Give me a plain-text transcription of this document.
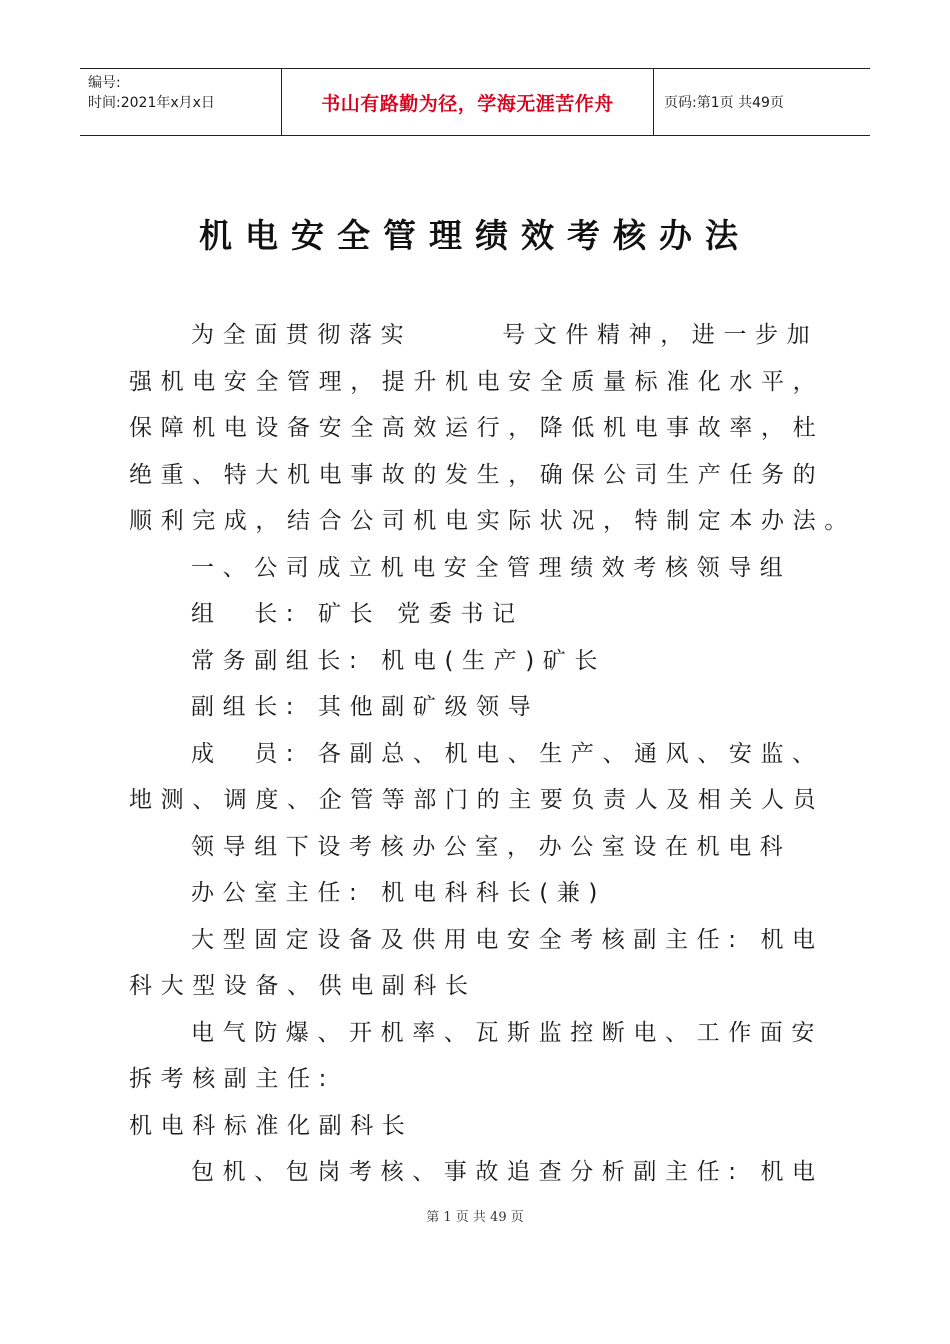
编号:
时间:2021年x月x日	书山有路勤为径，学海无涯苦作舟	页码:第1页 共49页
机电安全管理绩效考核办法
为全面贯彻落实	号文件精神，进一步加
强机电安全管理，提升机电安全质量标准化水平，
保障机电设备安全高效运行，降低机电事故率，杜
绝重、特大机电事故的发生，确保公司生产任务的
顺利完成，结合公司机电实际状况，特制定本办法。
一、公司成立机电安全管理绩效考核领导组
组　长: 矿长 党委书记
常务副组长: 机电(生产)矿长
副组长: 其他副矿级领导
成　员: 各副总、机电、生产、通风、安监、
地测、调度、企管等部门的主要负责人及相关人员
领导组下设考核办公室，办公室设在机电科
办公室主任: 机电科科长(兼)
大型固定设备及供用电安全考核副主任: 机电
科大型设备、供电副科长
电气防爆、开机率、瓦斯监控断电、工作面安
拆考核副主任:
机电科标准化副科长
包机、包岗考核、事故追查分析副主任: 机电
第 1 页 共 49 页
